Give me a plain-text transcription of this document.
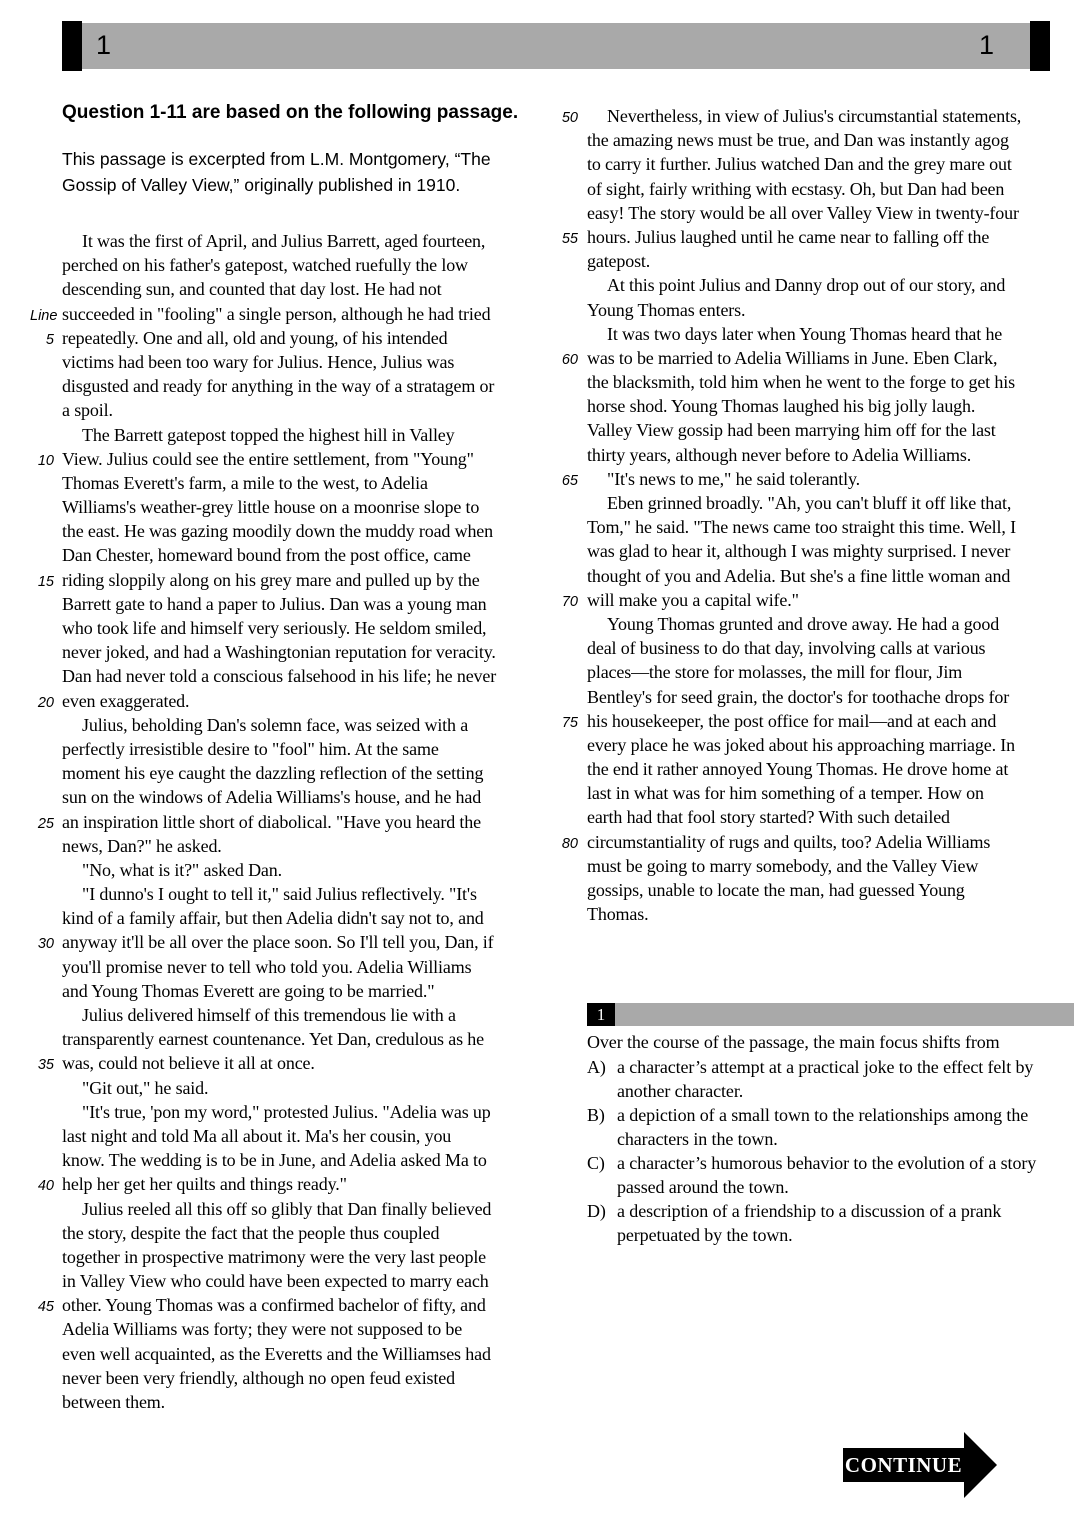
1	1
Question 1-11 are based on the following passage.

This passage is excerpted from L.M. Montgomery, “The Gossip of Valley View,” originally published in 1910.

It was the first of April, and Julius Barrett, aged fourteen,
perched on his father's gatepost, watched ruefully the low
descending sun, and counted that day lost. He had not
Line succeeded in "fooling" a single person, although he had tried
5 repeatedly. One and all, old and young, of his intended
victims had been too wary for Julius. Hence, Julius was
disgusted and ready for anything in the way of a stratagem or
a spoil.
The Barrett gatepost topped the highest hill in Valley
10 View. Julius could see the entire settlement, from "Young"
Thomas Everett's farm, a mile to the west, to Adelia
Williams's weather-grey little house on a moonrise slope to
the east. He was gazing moodily down the muddy road when
Dan Chester, homeward bound from the post office, came
15 riding sloppily along on his grey mare and pulled up by the
Barrett gate to hand a paper to Julius. Dan was a young man
who took life and himself very seriously. He seldom smiled,
never joked, and had a Washingtonian reputation for veracity.
Dan had never told a conscious falsehood in his life; he never
20 even exaggerated.
Julius, beholding Dan's solemn face, was seized with a
perfectly irresistible desire to "fool" him. At the same
moment his eye caught the dazzling reflection of the setting
sun on the windows of Adelia Williams's house, and he had
25 an inspiration little short of diabolical. "Have you heard the
news, Dan?" he asked.
"No, what is it?" asked Dan.
"I dunno's I ought to tell it," said Julius reflectively. "It's
kind of a family affair, but then Adelia didn't say not to, and
30 anyway it'll be all over the place soon. So I'll tell you, Dan, if
you'll promise never to tell who told you. Adelia Williams
and Young Thomas Everett are going to be married."
Julius delivered himself of this tremendous lie with a
transparently earnest countenance. Yet Dan, credulous as he
35 was, could not believe it all at once.
"Git out," he said.
"It's true, 'pon my word," protested Julius. "Adelia was up
last night and told Ma all about it. Ma's her cousin, you
know. The wedding is to be in June, and Adelia asked Ma to
40 help her get her quilts and things ready."
Julius reeled all this off so glibly that Dan finally believed
the story, despite the fact that the people thus coupled
together in prospective matrimony were the very last people
in Valley View who could have been expected to marry each
45 other. Young Thomas was a confirmed bachelor of fifty, and
Adelia Williams was forty; they were not supposed to be
even well acquainted, as the Everetts and the Williamses had
never been very friendly, although no open feud existed
between them.
50 Nevertheless, in view of Julius's circumstantial statements,
the amazing news must be true, and Dan was instantly agog
to carry it further. Julius watched Dan and the grey mare out
of sight, fairly writhing with ecstasy. Oh, but Dan had been
easy! The story would be all over Valley View in twenty-four
55 hours. Julius laughed until he came near to falling off the
gatepost.
At this point Julius and Danny drop out of our story, and
Young Thomas enters.
It was two days later when Young Thomas heard that he
60 was to be married to Adelia Williams in June. Eben Clark,
the blacksmith, told him when he went to the forge to get his
horse shod. Young Thomas laughed his big jolly laugh.
Valley View gossip had been marrying him off for the last
thirty years, although never before to Adelia Williams.
65 "It's news to me," he said tolerantly.
Eben grinned broadly. "Ah, you can't bluff it off like that,
Tom," he said. "The news came too straight this time. Well, I
was glad to hear it, although I was mighty surprised. I never
thought of you and Adelia. But she's a fine little woman and
70 will make you a capital wife."
Young Thomas grunted and drove away. He had a good
deal of business to do that day, involving calls at various
places—the store for molasses, the mill for flour, Jim
Bentley's for seed grain, the doctor's for toothache drops for
75 his housekeeper, the post office for mail—and at each and
every place he was joked about his approaching marriage. In
the end it rather annoyed Young Thomas. He drove home at
last in what was for him something of a temper. How on
earth had that fool story started? With such detailed
80 circumstantiality of rugs and quilts, too? Adelia Williams
must be going to marry somebody, and the Valley View
gossips, unable to locate the man, had guessed Young
Thomas.
1

Over the course of the passage, the main focus shifts from

A) a character’s attempt at a practical joke to the effect felt by another character.
B) a depiction of a small town to the relationships among the characters in the town.
C) a character’s humorous behavior to the evolution of a story passed around the town.
D) a description of a friendship to a discussion of a prank perpetuated by the town.
CONTINUE
